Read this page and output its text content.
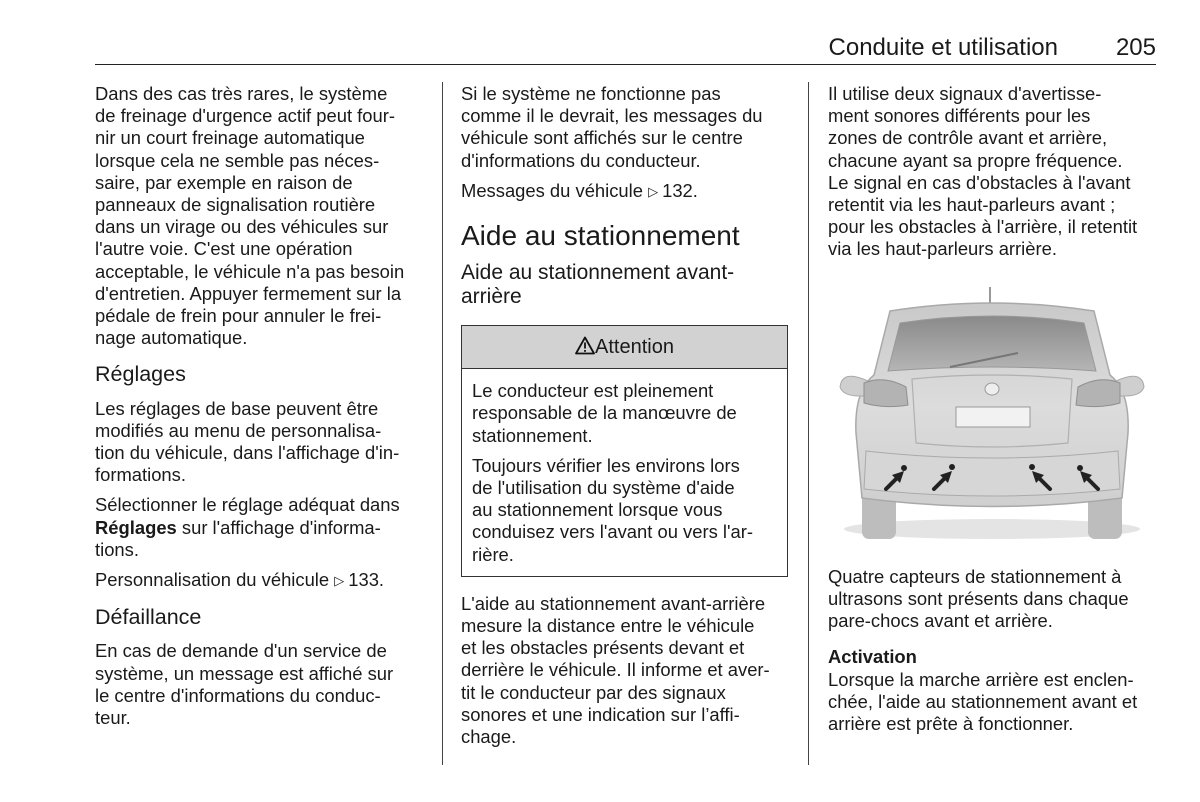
Conduite et utilisation 205

Dans des cas très rares, le système
de freinage d'urgence actif peut four-
nir un court freinage automatique
lorsque cela ne semble pas néces-
saire, par exemple en raison de
panneaux de signalisation routière
dans un virage ou des véhicules sur
l'autre voie. C'est une opération
acceptable, le véhicule n'a pas besoin
d'entretien. Appuyer fermement sur la
pédale de frein pour annuler le frei-
nage automatique.

Réglages

Les réglages de base peuvent être
modifiés au menu de personnalisa-
tion du véhicule, dans l'affichage d'in-
formations.

Sélectionner le réglage adéquat dans
Réglages sur l'affichage d'informa-
tions.

Personnalisation du véhicule ▷ 133.

Défaillance

En cas de demande d'un service de
système, un message est affiché sur
le centre d'informations du conduc-
teur.

Si le système ne fonctionne pas
comme il le devrait, les messages du
véhicule sont affichés sur le centre
d'informations du conducteur.

Messages du véhicule ▷ 132.

Aide au stationnement
Aide au stationnement avant-
arrière
Attention

Le conducteur est pleinement
responsable de la manœuvre de
stationnement.

Toujours vérifier les environs lors
de l'utilisation du système d'aide
au stationnement lorsque vous
conduisez vers l'avant ou vers l'ar-
rière.

L'aide au stationnement avant-arrière
mesure la distance entre le véhicule
et les obstacles présents devant et
derrière le véhicule. Il informe et aver-
tit le conducteur par des signaux
sonores et une indication sur l’affi-
chage.

Il utilise deux signaux d'avertisse-
ment sonores différents pour les
zones de contrôle avant et arrière,
chacune ayant sa propre fréquence.
Le signal en cas d'obstacles à l'avant
retentit via les haut-parleurs avant ;
pour les obstacles à l'arrière, il retentit
via les haut-parleurs arrière.

Quatre capteurs de stationnement à
ultrasons sont présents dans chaque
pare-chocs avant et arrière.

Activation

Lorsque la marche arrière est enclen-
chée, l'aide au stationnement avant et
arrière est prête à fonctionner.
